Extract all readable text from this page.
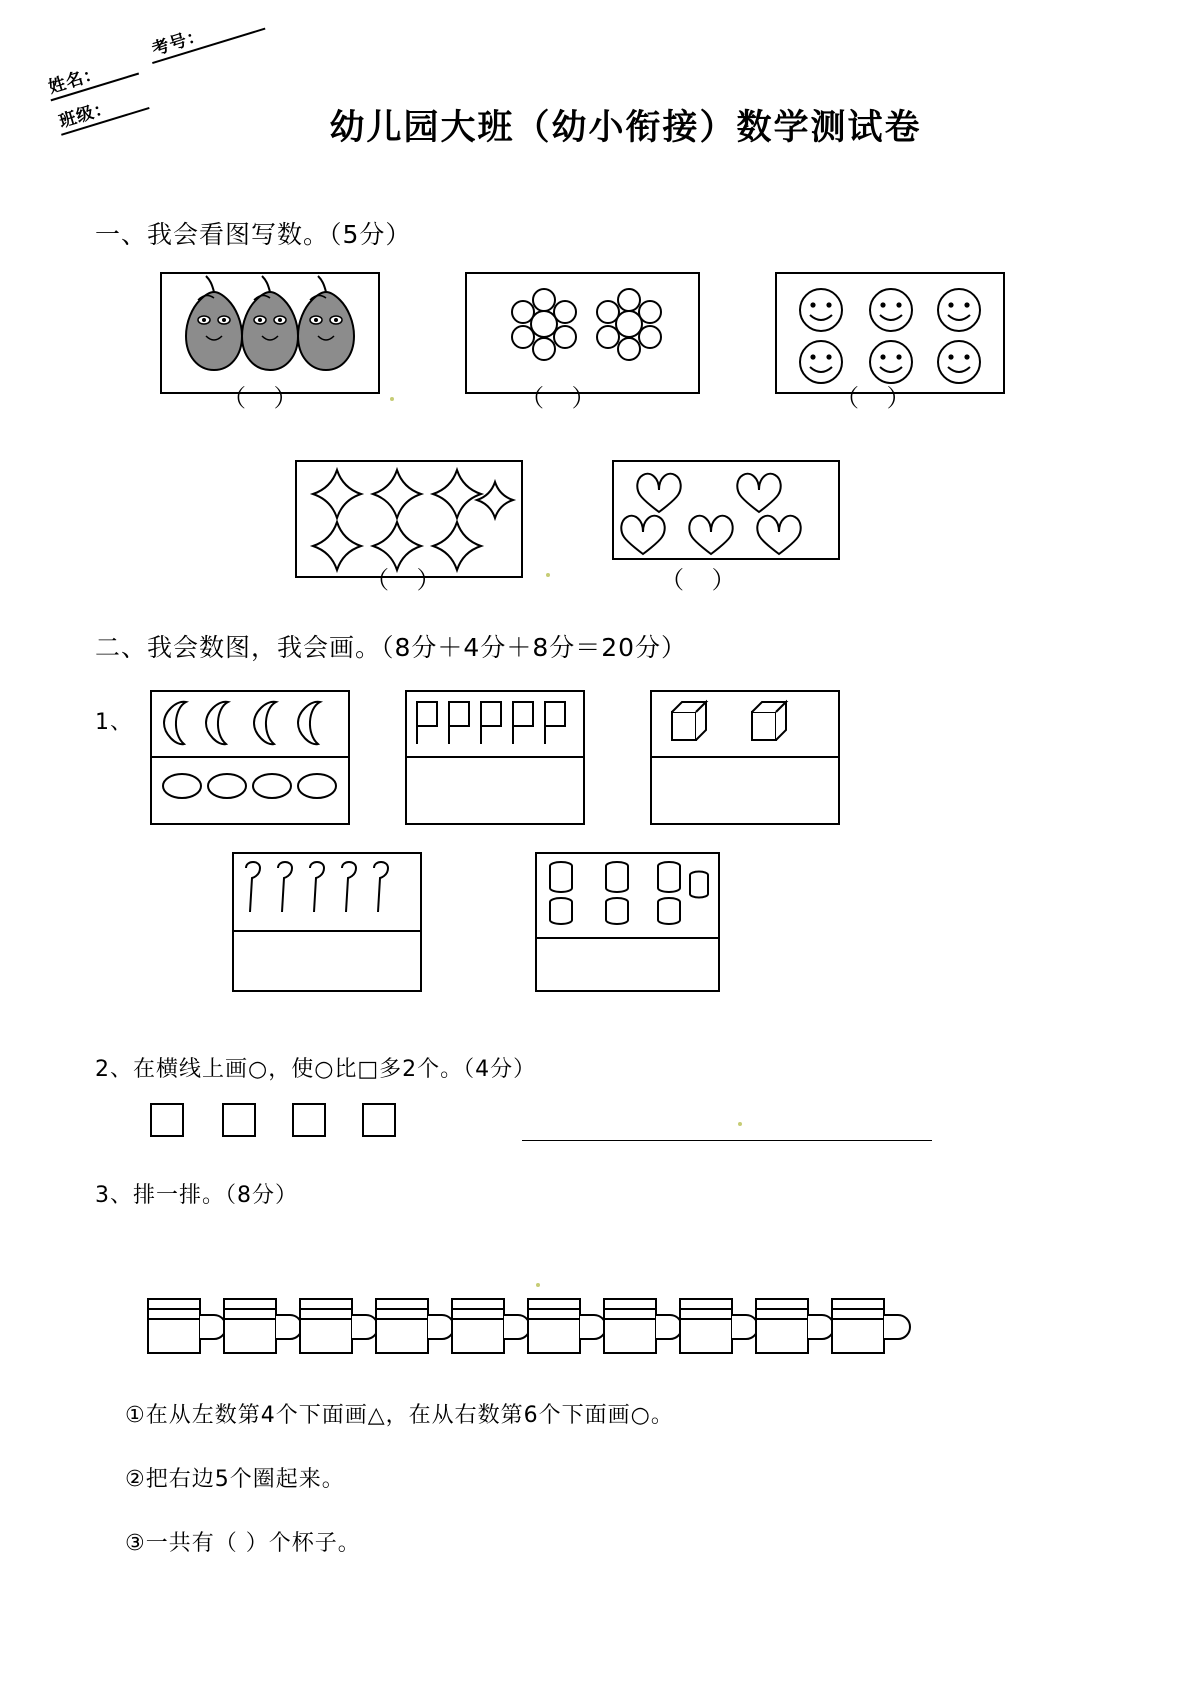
姓名：
班级：
考号：
幼儿园大班（幼小衔接）数学测试卷
一、我会看图写数。（5分）
（ ）	（ ）	（ ）
（ ）	（ ）
二、我会数图，我会画。（8分＋4分＋8分＝20分）
1、
2、在横线上画○，使○比□多2个。（4分）
3、排一排。（8分）
①在从左数第4个下面画△，在从右数第6个下面画○。
②把右边5个圈起来。
③一共有（ ）个杯子。
